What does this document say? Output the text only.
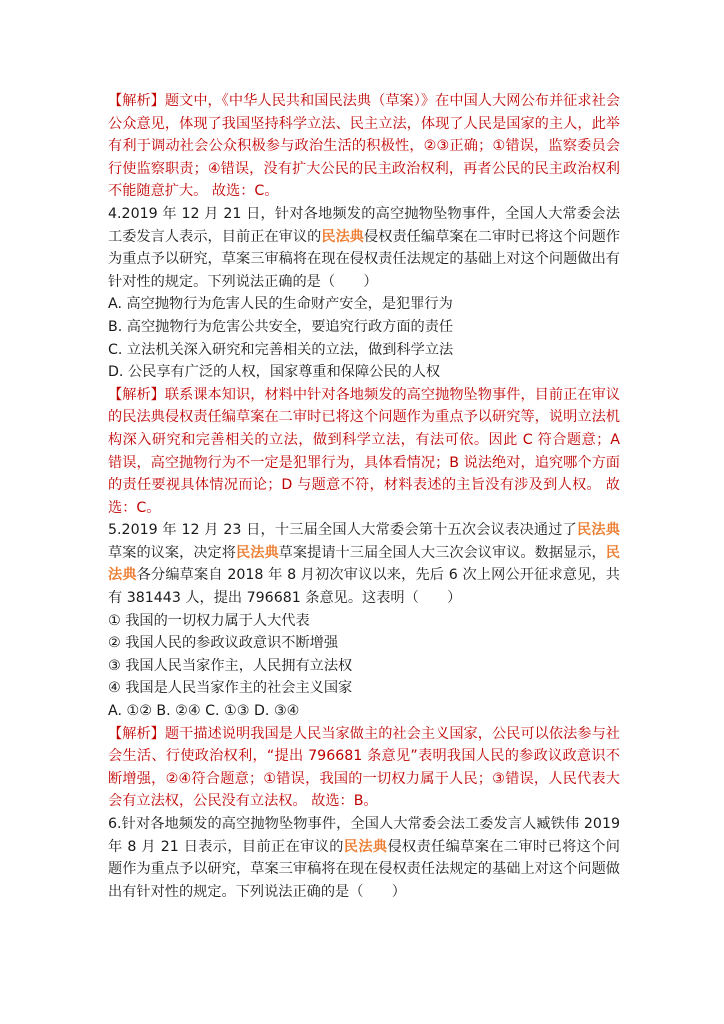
【解析】题文中，《中华人民共和国民法典（草案）》在中国人大网公布并征求社会公众意见，体现了我国坚持科学立法、民主立法，体现了人民是国家的主人，此举有利于调动社会公众积极参与政治生活的积极性，②③正确；①错误，监察委员会行使监察职责；④错误，没有扩大公民的民主政治权利，再者公民的民主政治权利不能随意扩大。 故选：C。

4.2019 年 12 月 21 日，针对各地频发的高空抛物坠物事件，全国人大常委会法工委发言人表示，目前正在审议的民法典侵权责任编草案在二审时已将这个问题作为重点予以研究，草案三审稿将在现在侵权责任法规定的基础上对这个问题做出有针对性的规定。下列说法正确的是（　　）

A. 高空抛物行为危害人民的生命财产安全，是犯罪行为

B. 高空抛物行为危害公共安全，要追究行政方面的责任

C. 立法机关深入研究和完善相关的立法，做到科学立法

D. 公民享有广泛的人权，国家尊重和保障公民的人权

【解析】联系课本知识，材料中针对各地频发的高空抛物坠物事件，目前正在审议的民法典侵权责任编草案在二审时已将这个问题作为重点予以研究等，说明立法机构深入研究和完善相关的立法，做到科学立法，有法可依。因此 C 符合题意；A 错误，高空抛物行为不一定是犯罪行为，具体看情况；B 说法绝对，追究哪个方面的责任要视具体情况而论；D 与题意不符，材料表述的主旨没有涉及到人权。 故选：C。

5.2019 年 12 月 23 日，十三届全国人大常委会第十五次会议表决通过了民法典草案的议案，决定将民法典草案提请十三届全国人大三次会议审议。数据显示，民法典各分编草案自 2018 年 8 月初次审议以来，先后 6 次上网公开征求意见，共有 381443 人，提出 796681 条意见。这表明（　　）

① 我国的一切权力属于人大代表

② 我国人民的参政议政意识不断增强

③ 我国人民当家作主，人民拥有立法权

④ 我国是人民当家作主的社会主义国家

A. ①② B. ②④ C. ①③ D. ③④

【解析】题干描述说明我国是人民当家做主的社会主义国家，公民可以依法参与社会生活、行使政治权利，“提出 796681 条意见”表明我国人民的参政议政意识不断增强，②④符合题意；①错误，我国的一切权力属于人民；③错误，人民代表大会有立法权，公民没有立法权。 故选：B。

6.针对各地频发的高空抛物坠物事件，全国人大常委会法工委发言人臧铁伟 2019 年 8 月 21 日表示，目前正在审议的民法典侵权责任编草案在二审时已将这个问题作为重点予以研究，草案三审稿将在现在侵权责任法规定的基础上对这个问题做出有针对性的规定。下列说法正确的是（　　）
